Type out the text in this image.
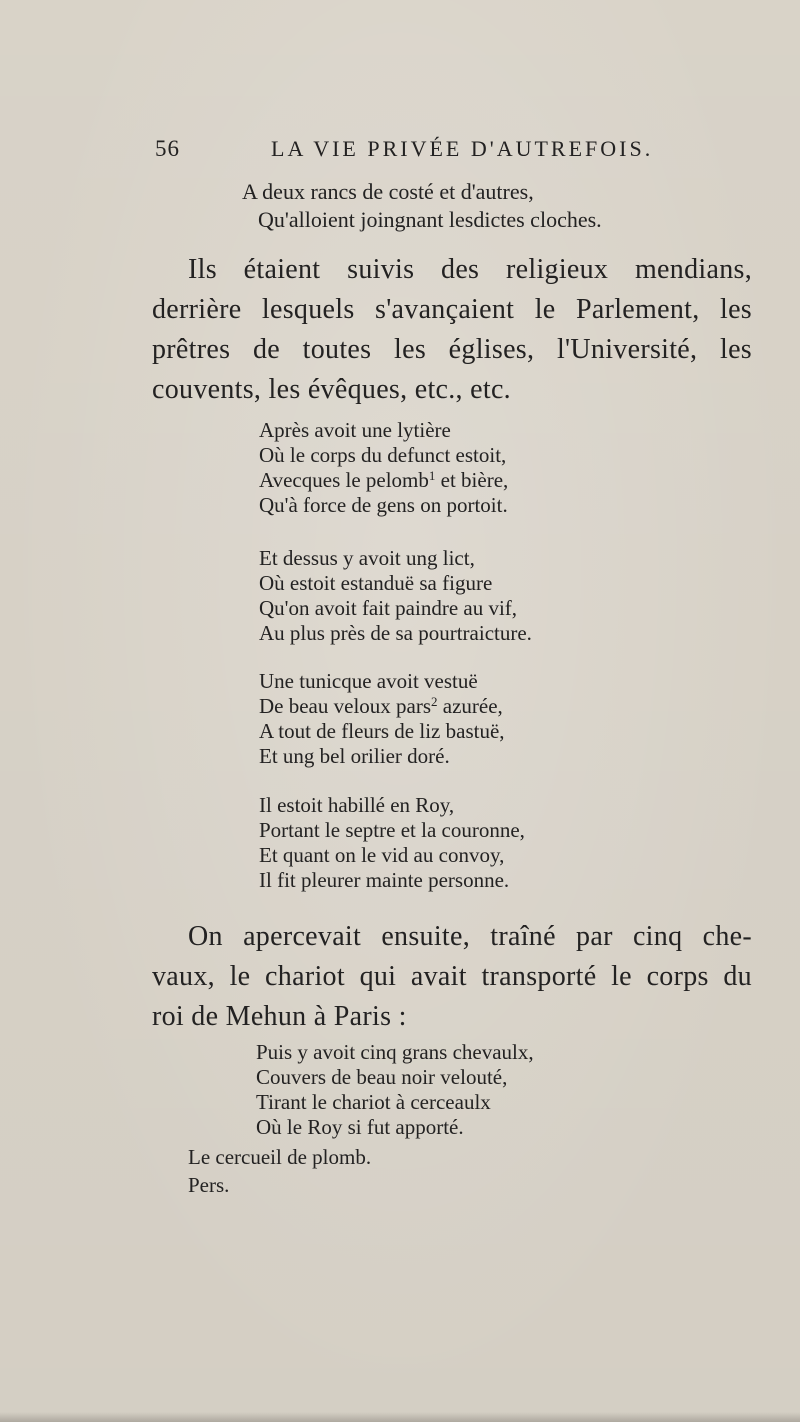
56	LA VIE PRIVÉE D'AUTREFOIS.

A deux rancs de costé et d'autres,
Qu'alloient joingnant lesdictes cloches.

Ils étaient suivis des religieux mendians,
derrière lesquels s'avançaient le Parlement, les
prêtres de toutes les églises, l'Université, les
couvents, les évêques, etc., etc.

Après avoit une lytière
Où le corps du defunct estoit,
Avecques le pelomb$^1$ et bière,
Qu'à force de gens on portoit.

Et dessus y avoit ung lict,
Où estoit estanduë sa figure
Qu'on avoit fait paindre au vif,
Au plus près de sa pourtraicture.

Une tunicque avoit vestuë
De beau veloux pars$^2$ azurée,
A tout de fleurs de liz bastuë,
Et ung bel orilier doré.

Il estoit habillé en Roy,
Portant le septre et la couronne,
Et quant on le vid au convoy,
Il fit pleurer mainte personne.

On apercevait ensuite, traîné par cinq che-
vaux, le chariot qui avait transporté le corps du
roi de Mehun à Paris :

Puis y avoit cinq grans chevaulx,
Couvers de beau noir velouté,
Tirant le chariot à cerceaulx
Où le Roy si fut apporté.

Le cercueil de plomb.
Pers.
